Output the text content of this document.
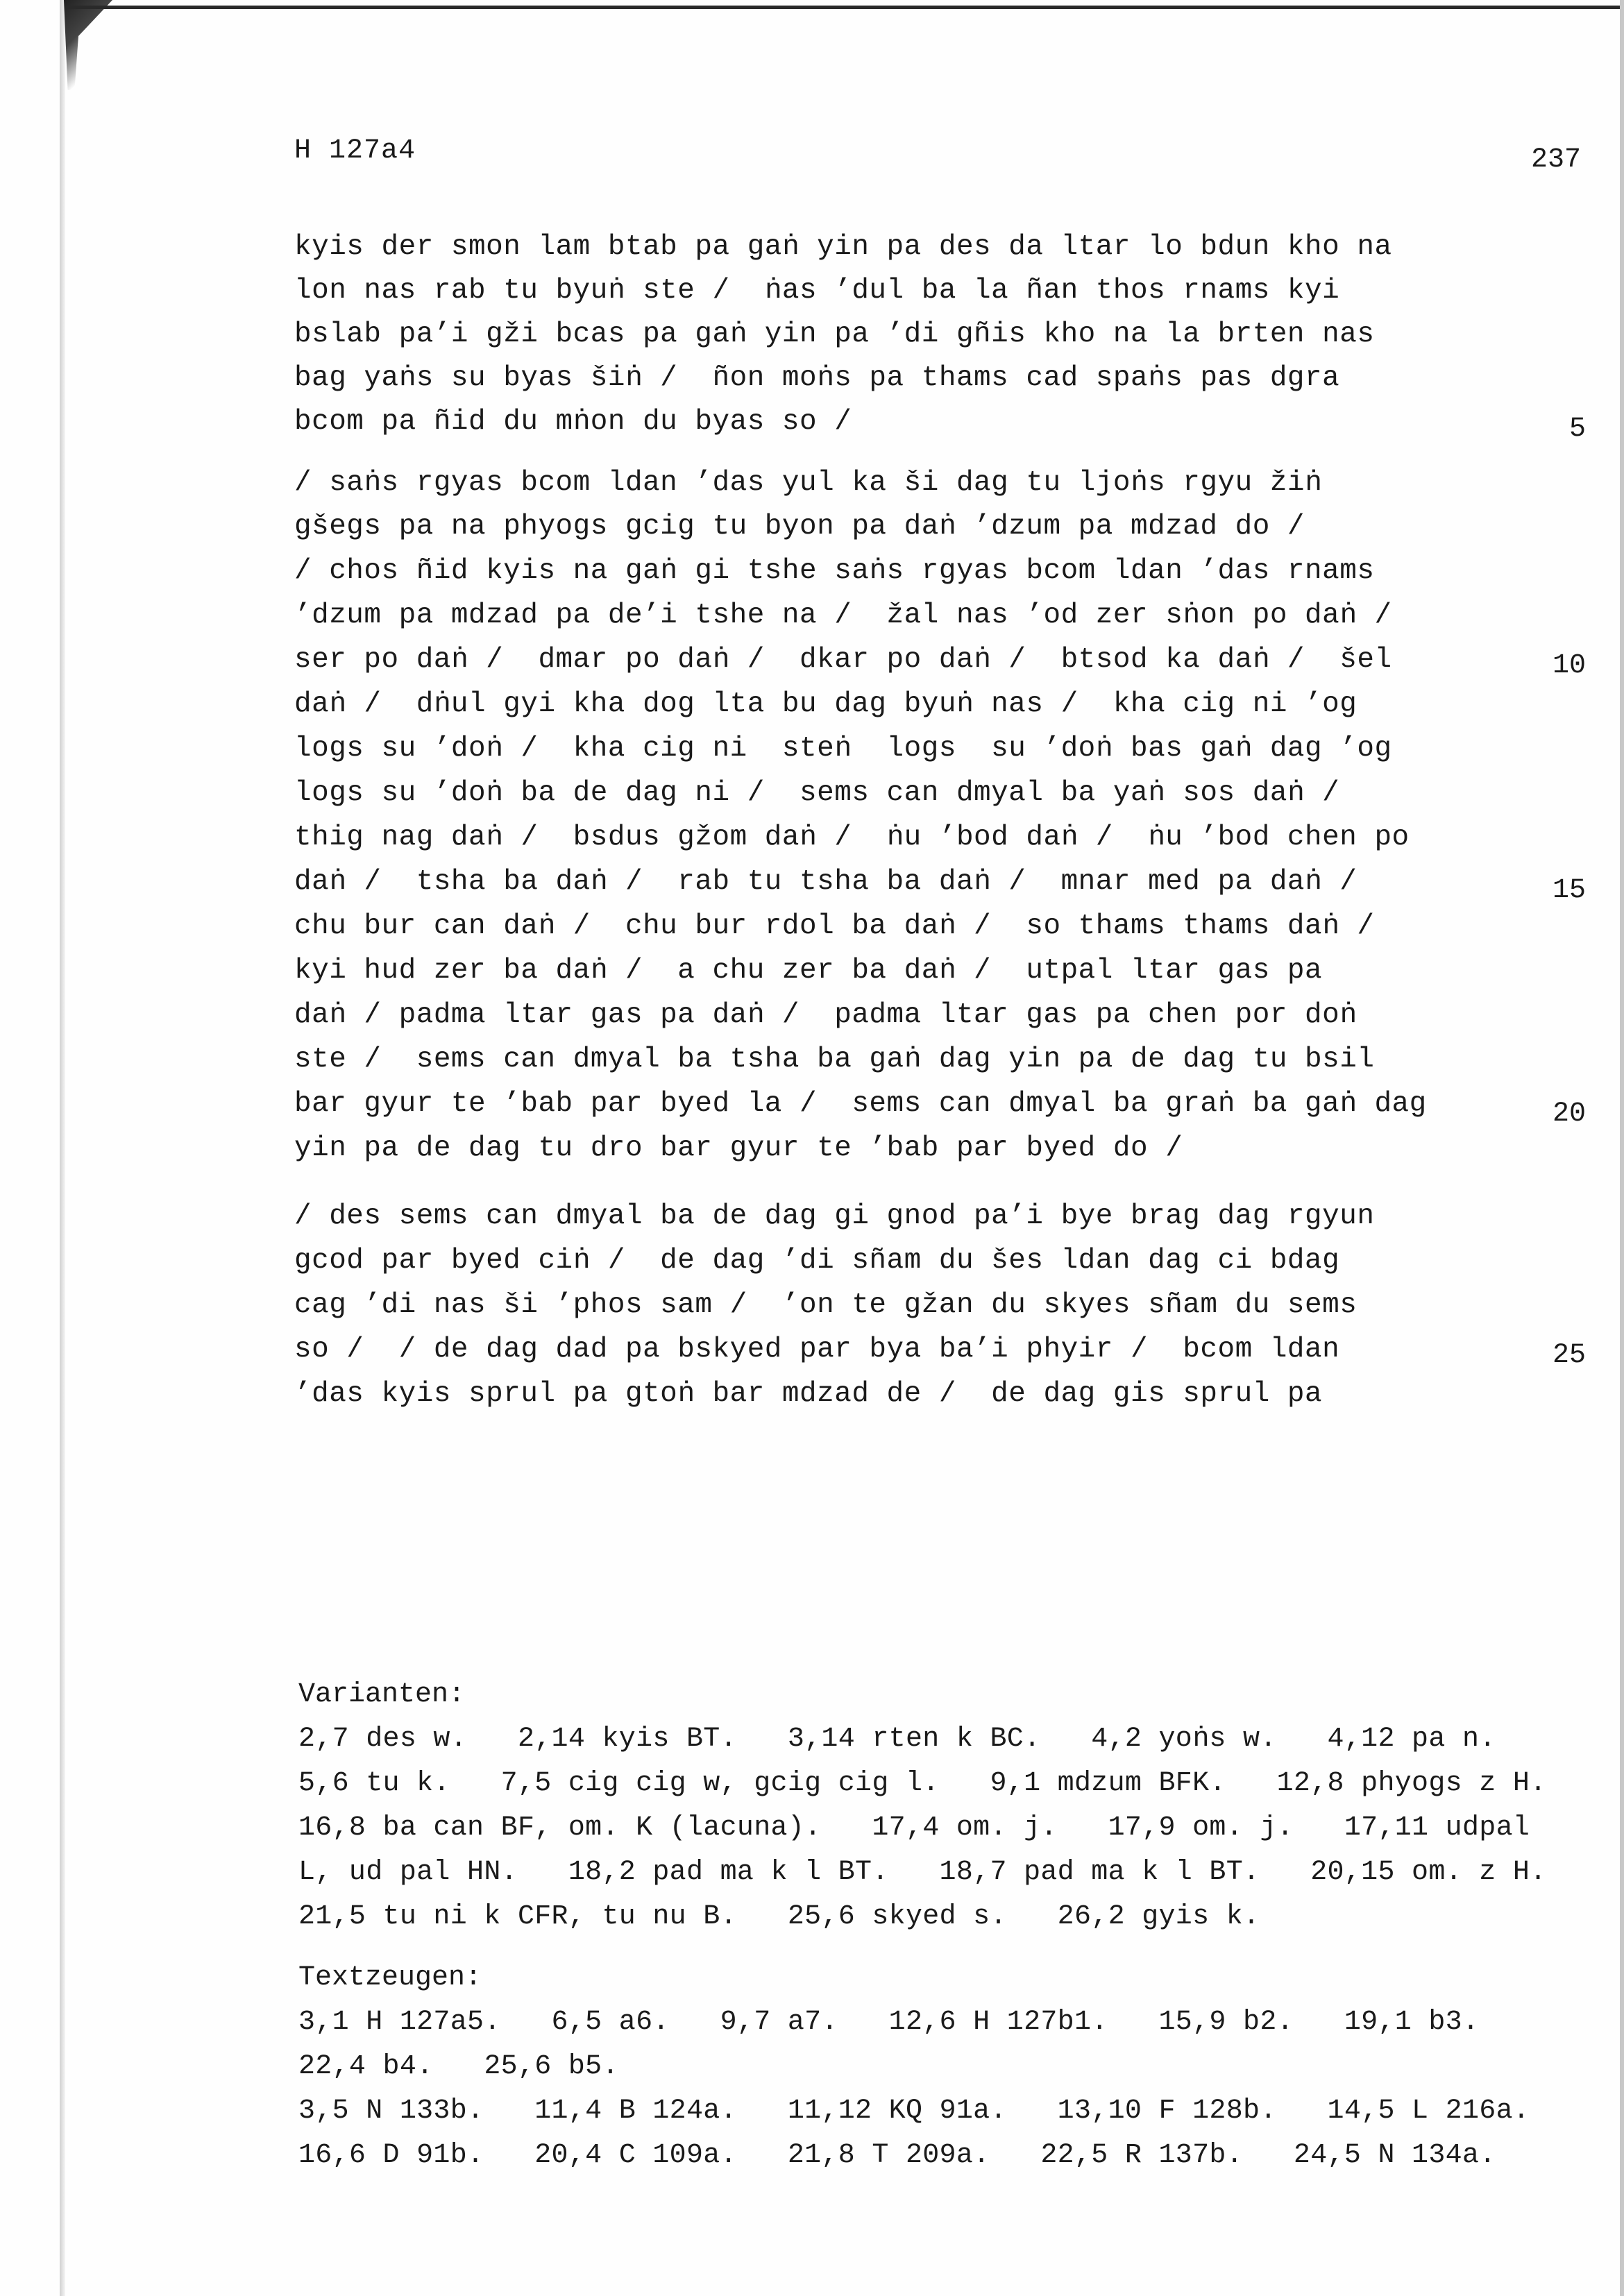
H 127a4	237
kyis der smon lam btab pa gaṅ yin pa des da ltar lo bdun kho na
lon nas rab tu byuṅ ste /  ṅas ’dul ba la ñan thos rnams kyi
bslab pa’i gži bcas pa gaṅ yin pa ’di gñis kho na la brten nas
bag yaṅs su byas šiṅ /  ñon moṅs pa thams cad spaṅs pas dgra
bcom pa ñid du mṅon du byas so /	5
/ saṅs rgyas bcom ldan ’das yul ka ši dag tu ljoṅs rgyu žiṅ
gšegs pa na phyogs gcig tu byon pa daṅ ’dzum pa mdzad do /
/ chos ñid kyis na gaṅ gi tshe saṅs rgyas bcom ldan ’das rnams
’dzum pa mdzad pa de’i tshe na /  žal nas ’od zer sṅon po daṅ /
ser po daṅ /  dmar po daṅ /  dkar po daṅ /  btsod ka daṅ /  šel	10
daṅ /  dṅul gyi kha dog lta bu dag byuṅ nas /  kha cig ni ’og
logs su ’doṅ /  kha cig ni  steṅ  logs  su ’doṅ bas gaṅ dag ’og
logs su ’doṅ ba de dag ni /  sems can dmyal ba yaṅ sos daṅ /
thig nag daṅ /  bsdus gžom daṅ /  ṅu ’bod daṅ /  ṅu ’bod chen po
daṅ /  tsha ba daṅ /  rab tu tsha ba daṅ /  mnar med pa daṅ /	15
chu bur can daṅ /  chu bur rdol ba daṅ /  so thams thams daṅ /
kyi hud zer ba daṅ /  a chu zer ba daṅ /  utpal ltar gas pa
daṅ / padma ltar gas pa daṅ /  padma ltar gas pa chen por doṅ
ste /  sems can dmyal ba tsha ba gaṅ dag yin pa de dag tu bsil
bar gyur te ’bab par byed la /  sems can dmyal ba graṅ ba gaṅ dag	20
yin pa de dag tu dro bar gyur te ’bab par byed do /
/ des sems can dmyal ba de dag gi gnod pa’i bye brag dag rgyun
gcod par byed ciṅ /  de dag ’di sñam du šes ldan dag ci bdag
cag ’di nas ši ’phos sam /  ’on te gžan du skyes sñam du sems
so /  / de dag dad pa bskyed par bya ba’i phyir /  bcom ldan	25
’das kyis sprul pa gtoṅ bar mdzad de /  de dag gis sprul pa
Varianten:
2,7 des w.   2,14 kyis BT.   3,14 rten k BC.   4,2 yoṅs w.   4,12 pa n.
5,6 tu k.   7,5 cig cig w, gcig cig l.   9,1 mdzum BFK.   12,8 phyogs z H.
16,8 ba can BF, om. K (lacuna).   17,4 om. j.   17,9 om. j.   17,11 udpal
L, ud pal HN.   18,2 pad ma k l BT.   18,7 pad ma k l BT.   20,15 om. z H.
21,5 tu ni k CFR, tu nu B.   25,6 skyed s.   26,2 gyis k.
Textzeugen:
3,1 H 127a5.   6,5 a6.   9,7 a7.   12,6 H 127b1.   15,9 b2.   19,1 b3.
22,4 b4.   25,6 b5.
3,5 N 133b.   11,4 B 124a.   11,12 KQ 91a.   13,10 F 128b.   14,5 L 216a.
16,6 D 91b.   20,4 C 109a.   21,8 T 209a.   22,5 R 137b.   24,5 N 134a.
